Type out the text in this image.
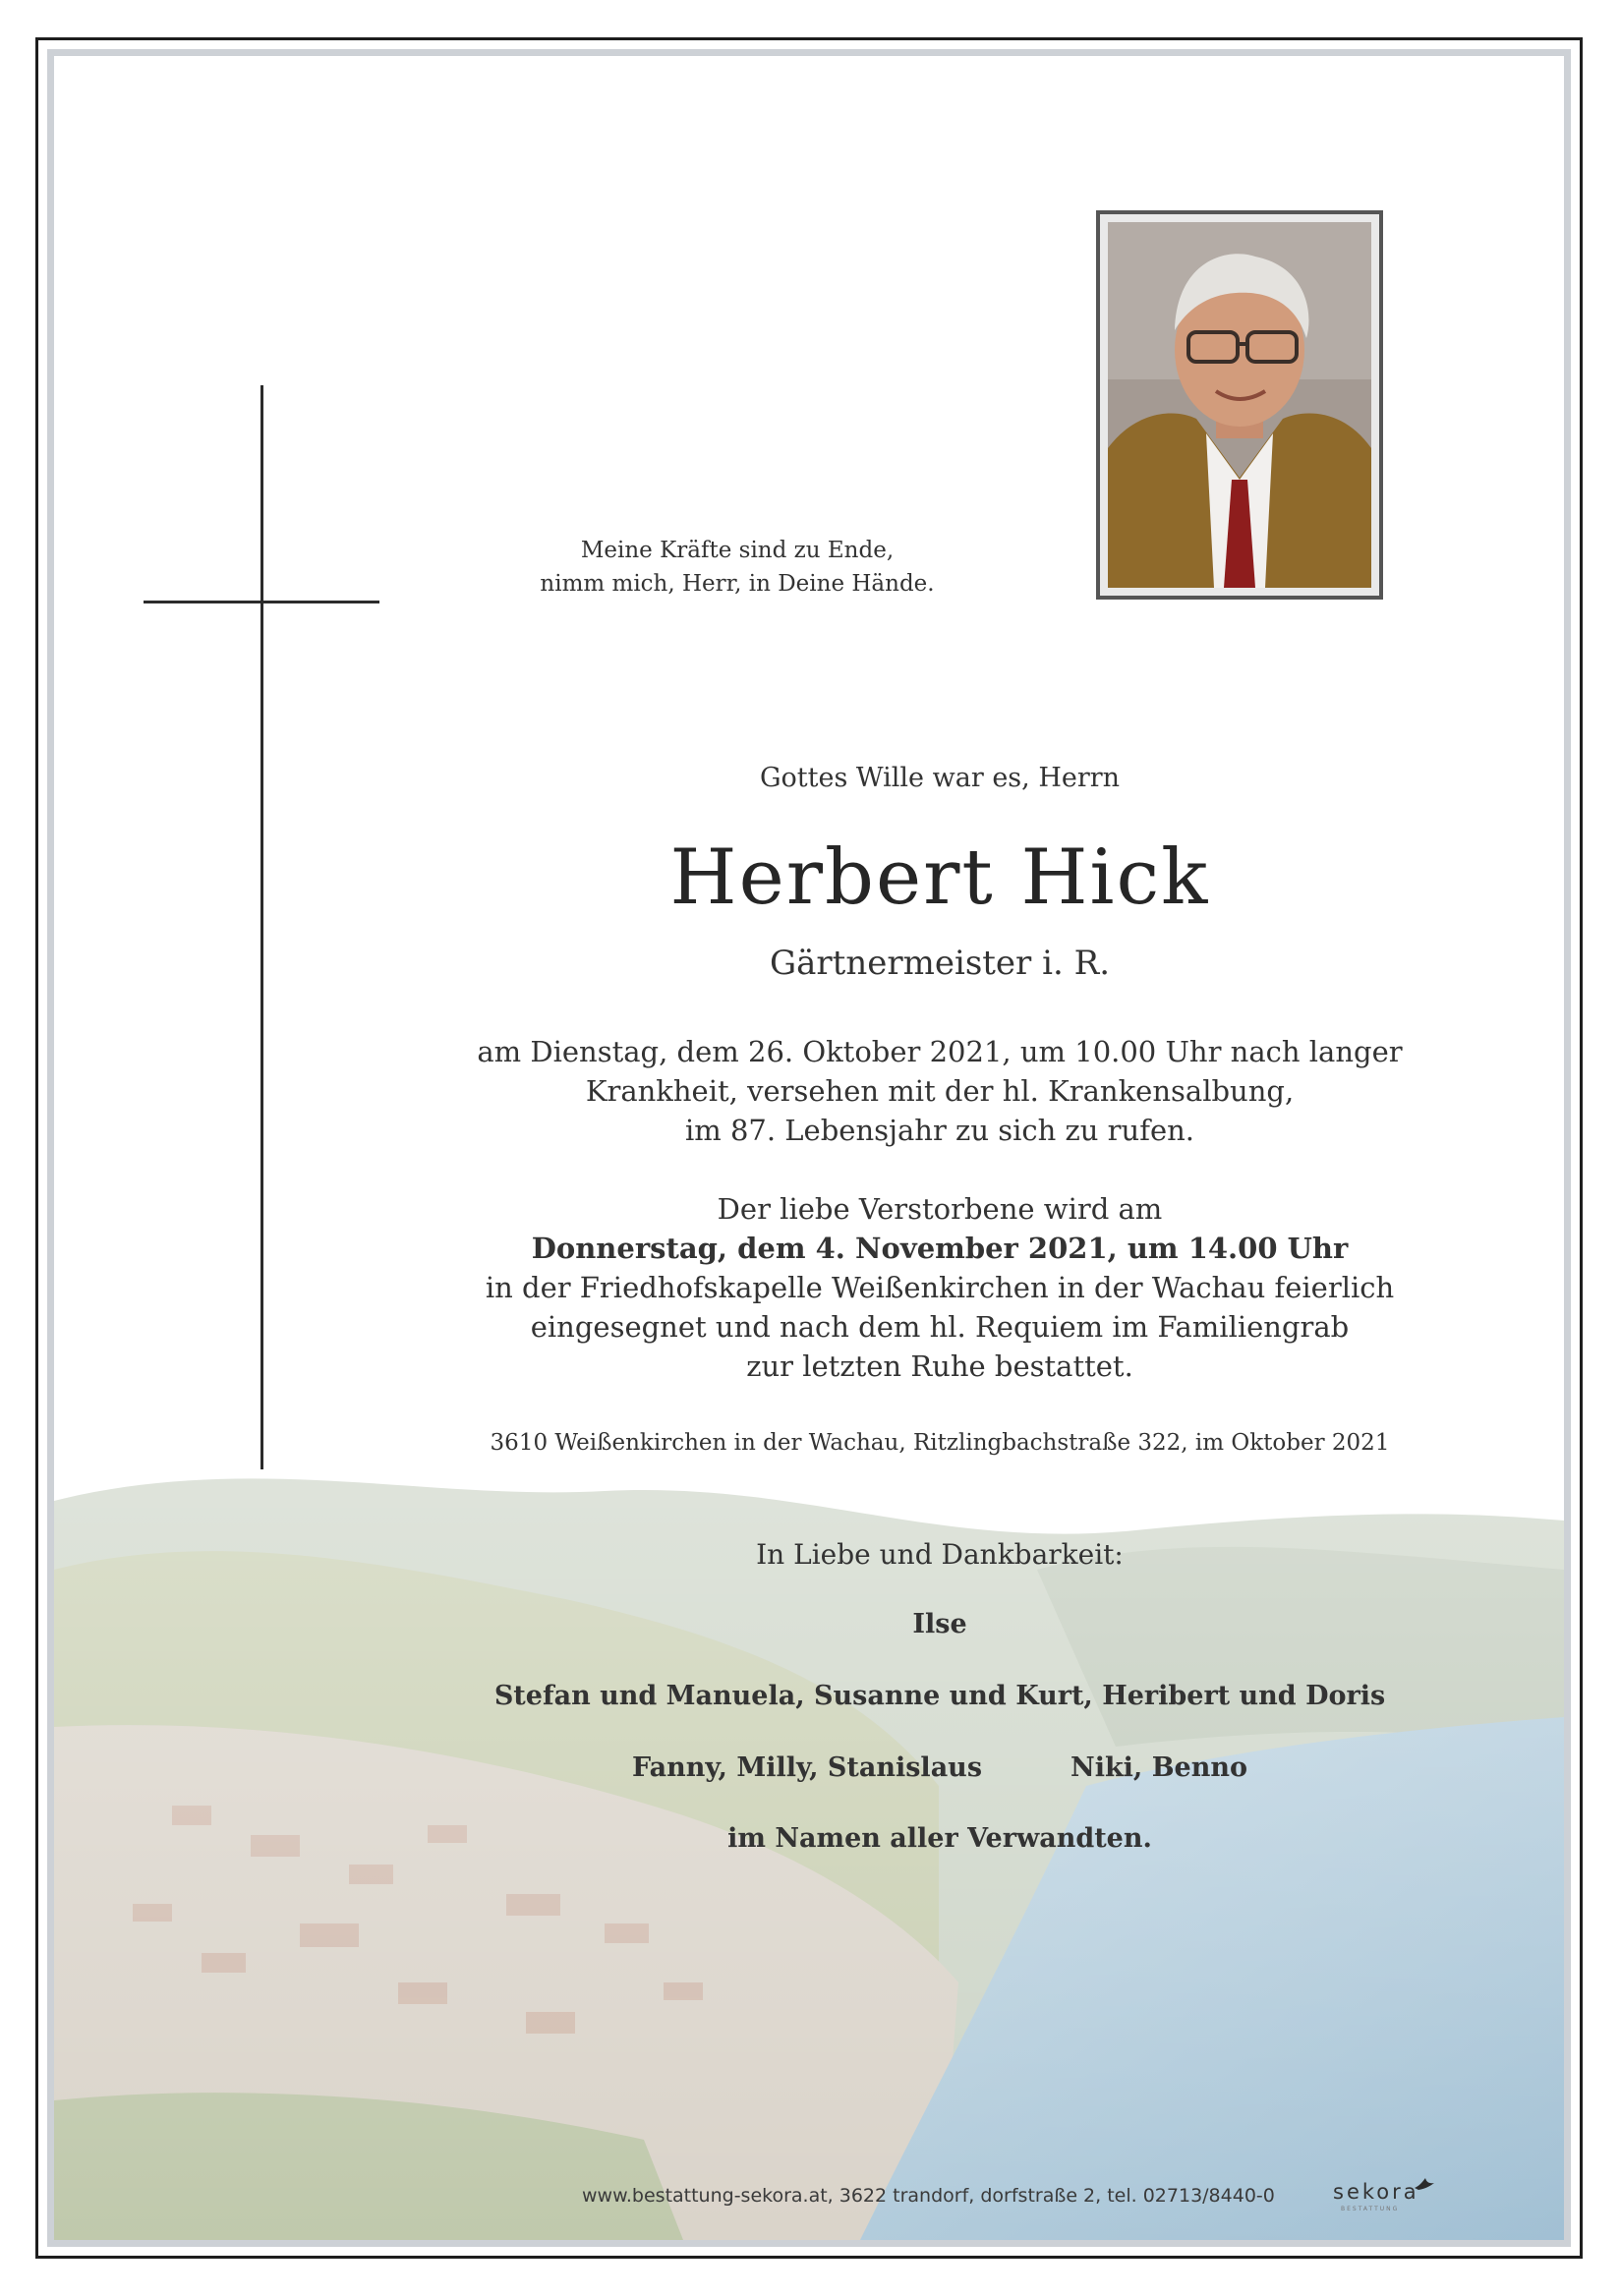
Meine Kräfte sind zu Ende,
nimm mich, Herr, in Deine Hände.
Gottes Wille war es, Herrn
Herbert Hick
Gärtnermeister i. R.
am Dienstag, dem 26. Oktober 2021, um 10.00 Uhr nach langer
Krankheit, versehen mit der hl. Krankensalbung,
im 87. Lebensjahr zu sich zu rufen.
Der liebe Verstorbene wird am
Donnerstag, dem 4. November 2021, um 14.00 Uhr
in der Friedhofskapelle Weißenkirchen in der Wachau feierlich
eingesegnet und nach dem hl. Requiem im Familiengrab
zur letzten Ruhe bestattet.
3610 Weißenkirchen in der Wachau, Ritzlingbachstraße 322, im Oktober 2021
In Liebe und Dankbarkeit:
Ilse
Stefan und Manuela, Susanne und Kurt, Heribert und Doris
Fanny, Milly, Stanislaus	Niki, Benno
im Namen aller Verwandten.
www.bestattung-sekora.at, 3622 trandorf, dorfstraße 2, tel. 02713/8440-0	sekora
BESTATTUNG
